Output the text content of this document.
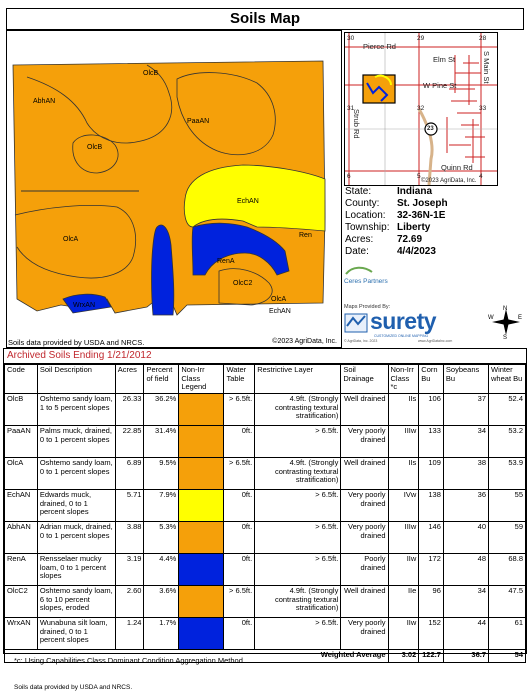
Soils Map
OlcB
AbhAN
PaaAN
OlcB
EchAN
OlcA
RenA
OlcC2
WrxAN
OlcA
EchAN
Ren
©2023 AgriData, Inc.
Soils data provided by USDA and NRCS.
30	29	28
Pierce Rd
Elm St	S Main St
W Pine St
Strub Rd
31	32	33
23
6	5	4
Quinn Rd
©2023 AgriData, Inc.
State:	Indiana
County: St. Joseph
Location: 32-36N-1E
Township: Liberty
Acres: 72.69
Date:	4/4/2023
Ceres Partners
Maps Provided By:
surety
CUSTOMIZED ONLINE MAPPING
© AgriData, Inc. 2023	www.AgriDataInc.com
N
S
E
W
Archived Soils Ending 1/21/2012
Code	Soil Description	Acres	Percent of field	Non-Irr Class Legend	Water Table	Restrictive Layer	Soil Drainage	Non-Irr Class *c	Corn Bu	Soybeans Bu	Winter wheat Bu
OlcB	Oshtemo sandy loam, 1 to 5 percent slopes	26.33	36.2%		> 6.5ft.	4.9ft. (Strongly contrasting textural stratification)	Well drained	IIs	106	37	52.4
PaaAN	Palms muck, drained, 0 to 1 percent slopes	22.85	31.4%		0ft.	> 6.5ft.	Very poorly drained	IIIw	133	34	53.2
OlcA	Oshtemo sandy loam, 0 to 1 percent slopes	6.89	9.5%		> 6.5ft.	4.9ft. (Strongly contrasting textural stratification)	Well drained	IIs	109	38	53.9
EchAN	Edwards muck, drained, 0 to 1 percent slopes	5.71	7.9%		0ft.	> 6.5ft.	Very poorly drained	IVw	138	36	55
AbhAN	Adrian muck, drained, 0 to 1 percent slopes	3.88	5.3%		0ft.	> 6.5ft.	Very poorly drained	IIIw	146	40	59
RenA	Rensselaer mucky loam, 0 to 1 percent slopes	3.19	4.4%		0ft.	> 6.5ft.	Poorly drained	IIw	172	48	68.8
OlcC2	Oshtemo sandy loam, 6 to 10 percent slopes, eroded	2.60	3.6%		> 6.5ft.	4.9ft. (Strongly contrasting textural stratification)	Well drained	IIe	96	34	47.5
WrxAN	Wunabuna silt loam, drained, 0 to 1 percent slopes	1.24	1.7%		0ft.	> 6.5ft.	Very poorly drained	IIw	152	44	61
Weighted Average								3.02	122.7	36.7	54
*c: Using Capabilities Class Dominant Condition Aggregation Method
Soils data provided by USDA and NRCS.
